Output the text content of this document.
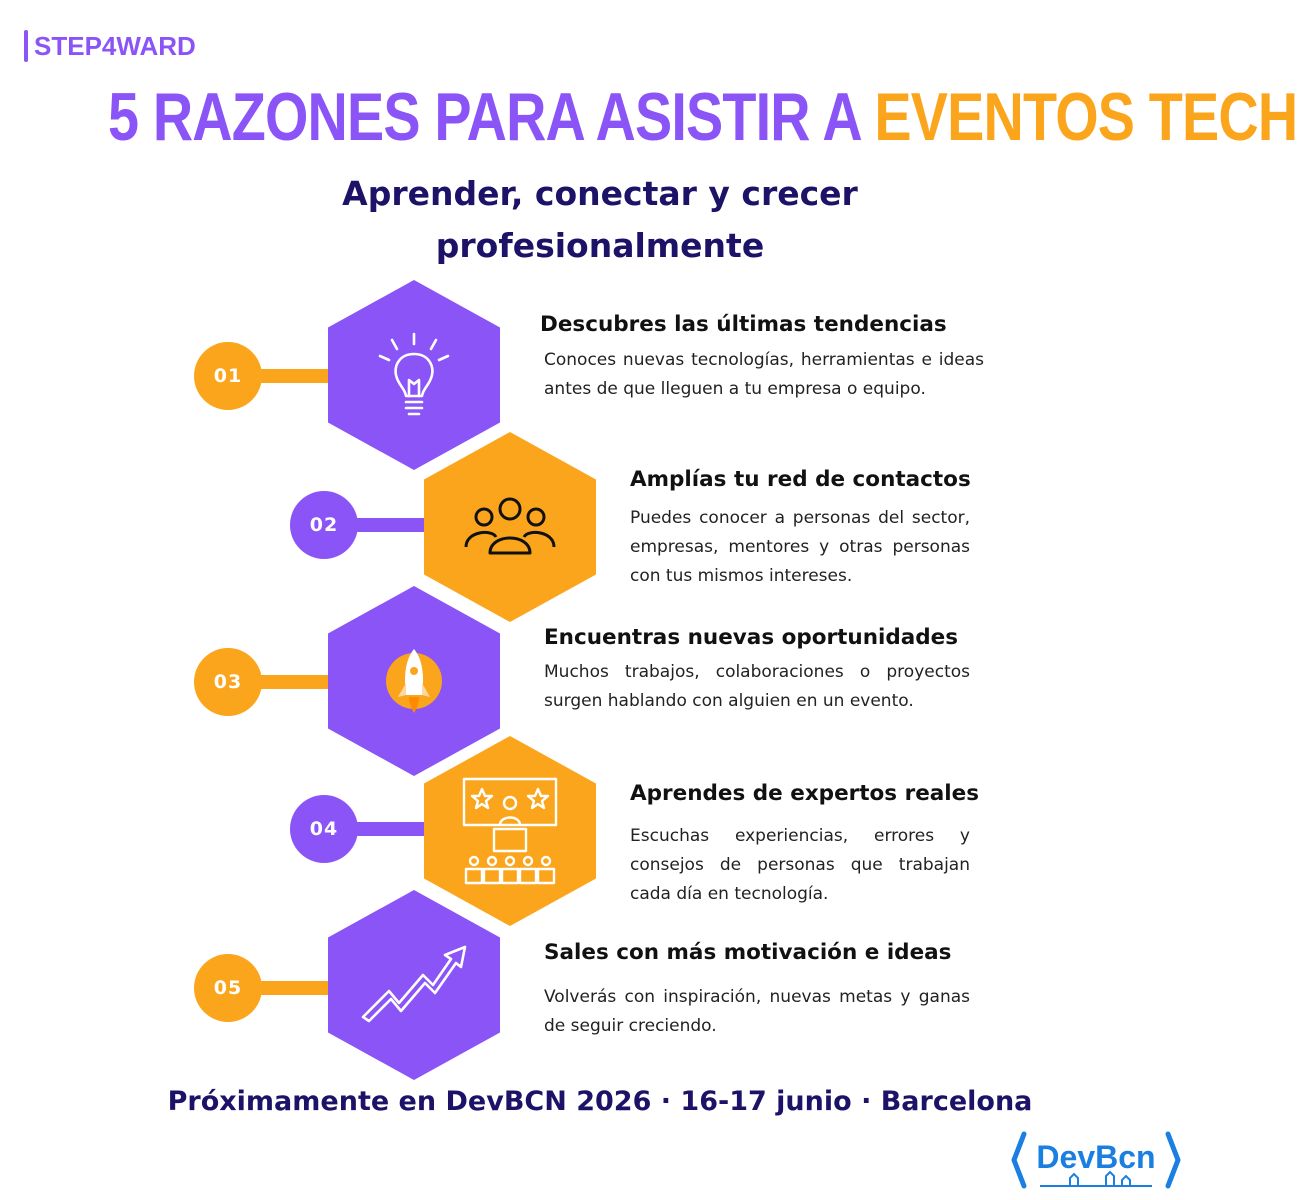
STEP4WARD
5 RAZONES PARA ASISTIR A EVENTOS TECH
Aprender, conectar y crecer profesionalmente
01
Descubres las últimas tendencias
Conoces nuevas tecnologías, herramientas e ideas antes de que lleguen a tu empresa o equipo.
02
Amplías tu red de contactos
Puedes conocer a personas del sector, empresas, mentores y otras personas con tus mismos intereses.
03
Encuentras nuevas oportunidades
Muchos trabajos, colaboraciones o proyectos surgen hablando con alguien en un evento.
04
Aprendes de expertos reales
Escuchas experiencias, errores y consejos de personas que trabajan cada día en tecnología.
05
Sales con más motivación e ideas
Volverás con inspiración, nuevas metas y ganas de seguir creciendo.
Próximamente en DevBCN 2026 · 16-17 junio · Barcelona
DevBcn
